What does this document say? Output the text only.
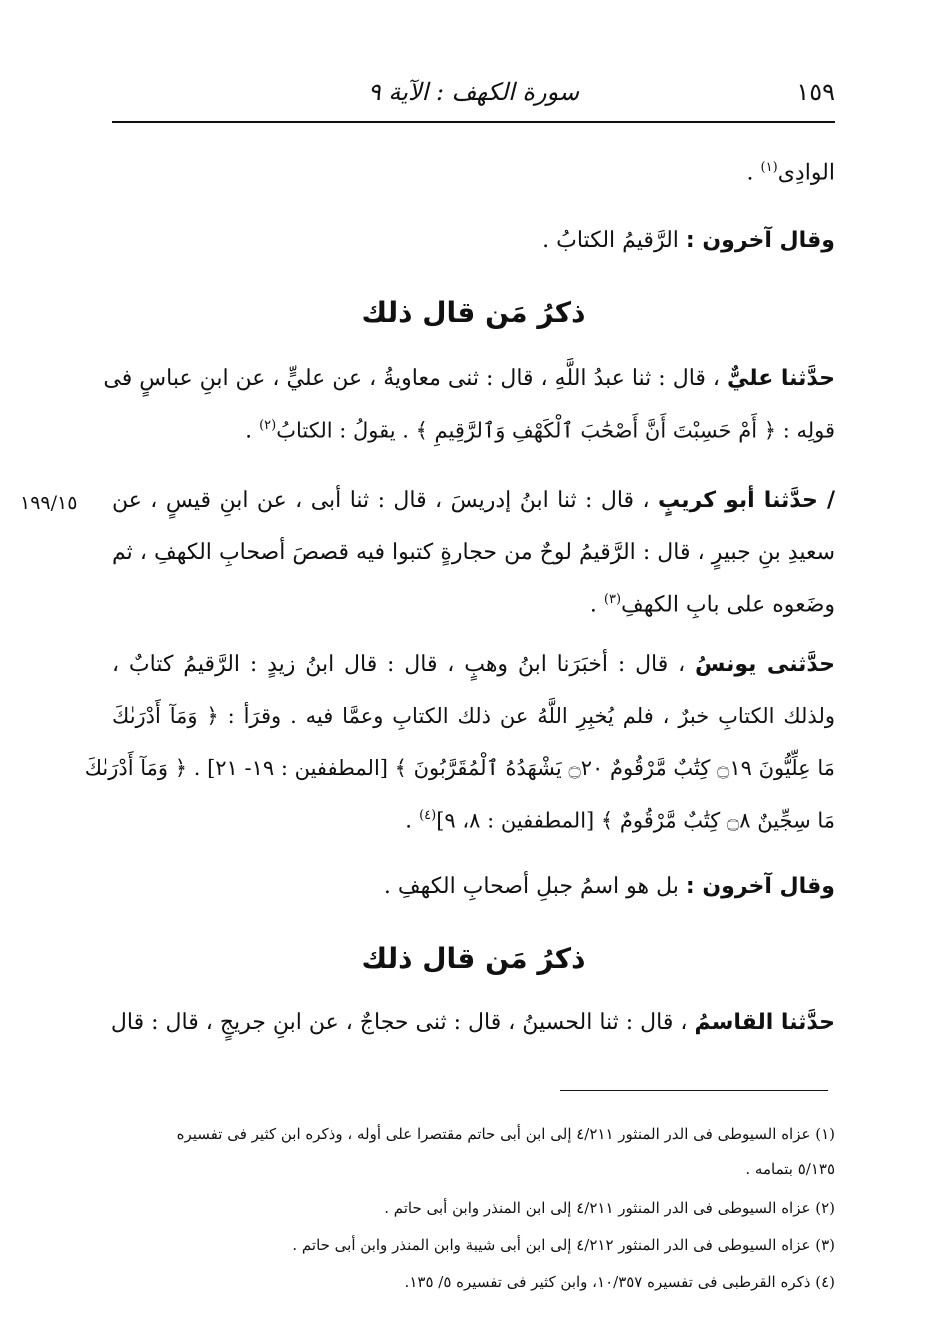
سورة الكهف : الآية ٩	١٥٩
الوادِى$^{(١)}$ .
وقال آخرون : الرَّقيمُ الكتابُ .
ذكرُ مَن قال ذلك
حدَّثنا عليٌّ ، قال : ثنا عبدُ اللَّهِ ، قال : ثنى معاويةُ ، عن عليٍّ ، عن ابنِ عباسٍ فى
قولِه : ﴿ أَمْ حَسِبْتَ أَنَّ أَصْحَٰبَ ٱلْكَهْفِ وَٱلرَّقِيمِ ﴾ . يقولُ : الكتابُ$^{(٢)}$ .
١٩٩/١٥	/ حدَّثنا أبو كريبٍ ، قال : ثنا ابنُ إدريسَ ، قال : ثنا أبى ، عن ابنِ قيسٍ ، عن
سعيدِ بنِ جبيرٍ ، قال : الرَّقيمُ لوحٌ من حجارةٍ كتبوا فيه قصصَ أصحابِ الكهفِ ، ثم
وضَعوه على بابِ الكهفِ$^{(٣)}$ .
حدَّثنى يونسُ ، قال : أخبَرَنا ابنُ وهبٍ ، قال : قال ابنُ زيدٍ : الرَّقيمُ كتابٌ ،
ولذلك الكتابِ خبرٌ ، فلم يُخبِرِ اللَّهُ عن ذلك الكتابِ وعمَّا فيه . وقرَأ : ﴿ وَمَآ أَدْرَىٰكَ
مَا عِلِّيُّونَ ۝١٩ كِتَٰبٌ مَّرْقُومٌ ۝٢٠ يَشْهَدُهُ ٱلْمُقَرَّبُونَ ﴾ [المطففين : ١٩- ٢١] . ﴿ وَمَآ أَدْرَىٰكَ
مَا سِجِّينٌ ۝٨ كِتَٰبٌ مَّرْقُومٌ ﴾ [المطففين : ٨، ٩]$^{(٤)}$ .
وقال آخرون : بل هو اسمُ جبلِ أصحابِ الكهفِ .
ذكرُ مَن قال ذلك
حدَّثنا القاسمُ ، قال : ثنا الحسينُ ، قال : ثنى حجاجٌ ، عن ابنِ جريجٍ ، قال : قال
(١) عزاه السيوطى فى الدر المنثور ٤/٢١١ إلى ابن أبى حاتم مقتصرا على أوله ، وذكره ابن كثير فى تفسيره
٥/١٣٥ بتمامه .
(٢) عزاه السيوطى فى الدر المنثور ٤/٢١١ إلى ابن المنذر وابن أبى حاتم .
(٣) عزاه السيوطى فى الدر المنثور ٤/٢١٢ إلى ابن أبى شيبة وابن المنذر وابن أبى حاتم .
(٤) ذكره القرطبى فى تفسيره ١٠/٣٥٧، وابن كثير فى تفسيره ٥/ ١٣٥.
